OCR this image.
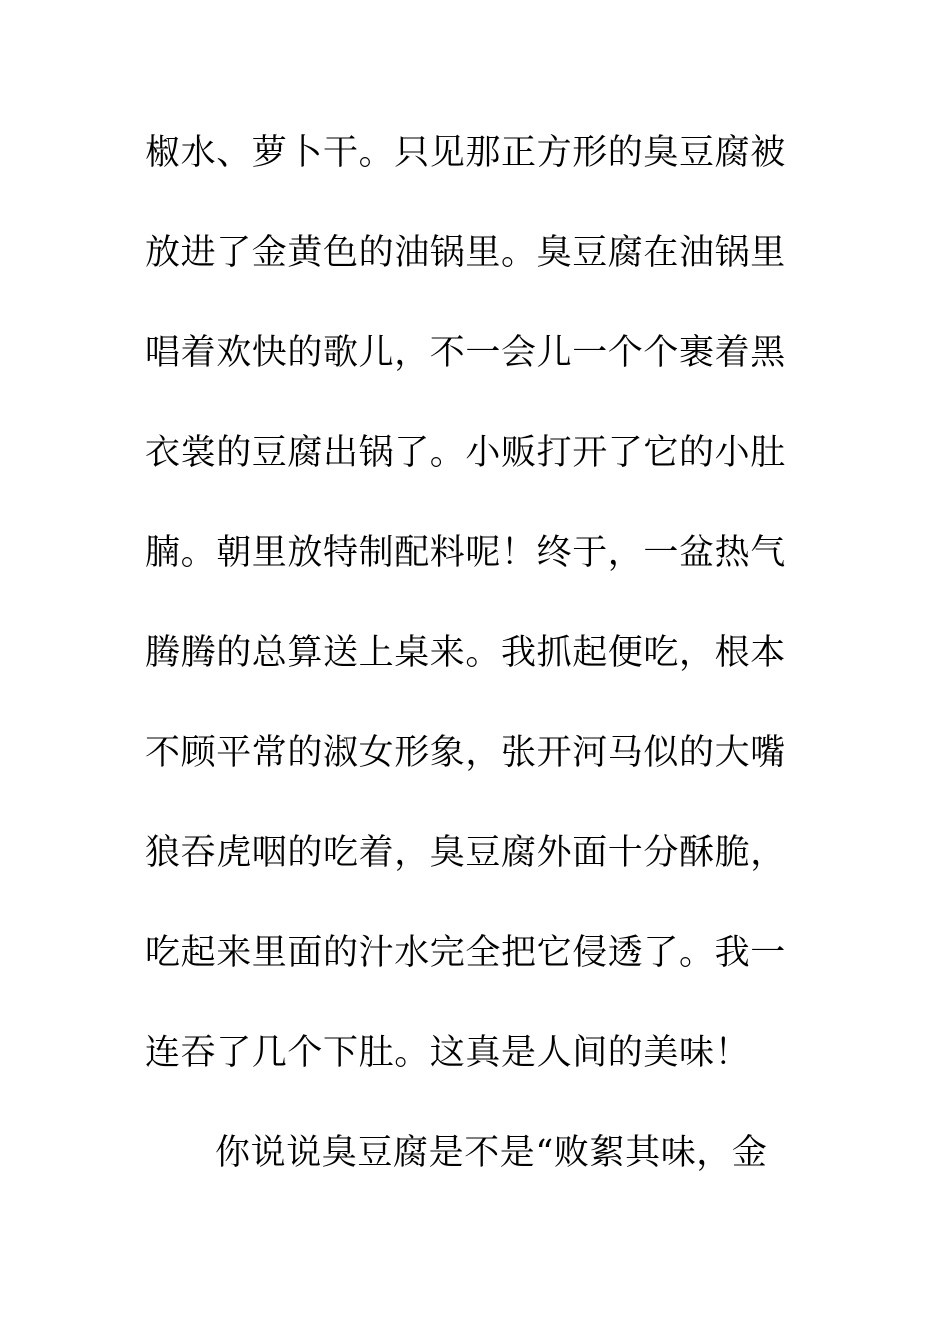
椒水、萝卜干。只见那正方形的臭豆腐被
放进了金黄色的油锅里。臭豆腐在油锅里
唱着欢快的歌儿，不一会儿一个个裹着黑
衣裳的豆腐出锅了。小贩打开了它的小肚
腩。朝里放特制配料呢！终于，一盆热气
腾腾的总算送上桌来。我抓起便吃，根本
不顾平常的淑女形象，张开河马似的大嘴
狼吞虎咽的吃着，臭豆腐外面十分酥脆，
吃起来里面的汁水完全把它侵透了。我一
连吞了几个下肚。这真是人间的美味！
你说说臭豆腐是不是“败絮其味，金
